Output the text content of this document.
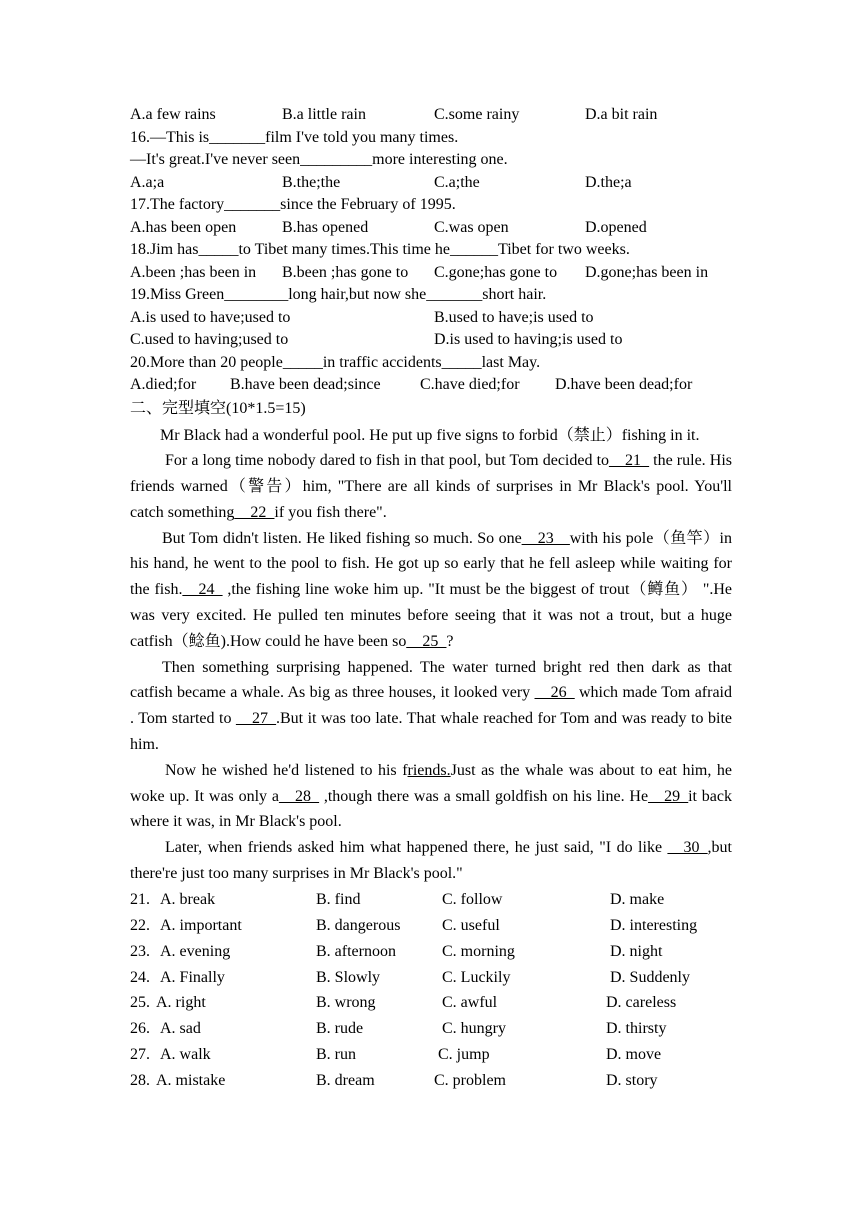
A.a few rains	B.a little rain	C.some rainy	D.a bit rain
16.—This is_______film I've told you many times.
—It's great.I've never seen_________more interesting one.
A.a;a	B.the;the	C.a;the	D.the;a
17.The factory_______since the February of 1995.
A.has been open	B.has opened	C.was open	D.opened
18.Jim has_____to Tibet many times.This time he______Tibet for two weeks.
A.been ;has been in B.been ;has gone to C.gone;has gone to D.gone;has been in
19.Miss Green________long hair,but now she_______short hair.
A.is used to have;used to	B.used to have;is used to
C.used to having;used to	D.is used to having;is used to
20.More than 20 people_____in traffic accidents_____last May.
A.died;for B.have been dead;since C.have died;for D.have been dead;for
二、完型填空(10*1.5=15)

Mr Black had a wonderful pool. He put up five signs to forbid（禁止）fishing in it.

For a long time nobody dared to fish in that pool, but Tom decided to__21_ the rule. His friends warned（警告）him, "There are all kinds of surprises in Mr Black's pool. You'll catch something__22_if you fish there".

But Tom didn't listen. He liked fishing so much. So one__23__with his pole（鱼竿）in his hand, he went to the pool to fish. He got up so early that he fell asleep while waiting for the fish.__24_ ,the fishing line woke him up. "It must be the biggest of trout（鳟鱼） ".He was very excited. He pulled ten minutes before seeing that it was not a trout, but a huge catfish（鲶鱼).How could he have been so__25_?

Then something surprising happened. The water turned bright red then dark as that catfish became a whale. As big as three houses, it looked very __26_ which made Tom afraid . Tom started to __27_.But it was too late. That whale reached for Tom and was ready to bite him.

Now he wished he'd listened to his friends.Just as the whale was about to eat him, he woke up. It was only a__28_ ,though there was a small goldfish on his line. He__29_it back where it was, in Mr Black's pool.

Later, when friends asked him what happened there, he just said, "I do like __30_,but there're just too many surprises in Mr Black's pool."

21. A. break	B. find	C. follow	D. make
22. A. important	B. dangerous	C. useful	D. interesting
23. A. evening	B. afternoon	C. morning	D. night
24. A. Finally	B. Slowly	C. Luckily	D. Suddenly
25. A. right	B. wrong	C. awful	D. careless
26. A. sad	B. rude	C. hungry	D. thirsty
27. A. walk	B. run	C. jump	D. move
28. A. mistake	B. dream	C. problem	D. story
